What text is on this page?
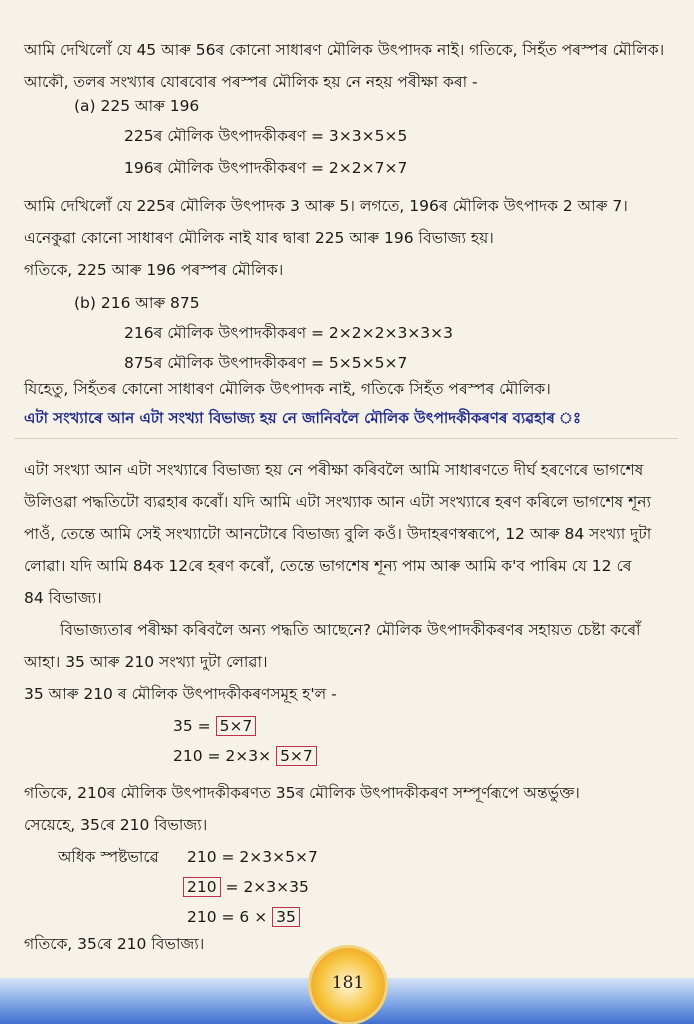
আমি দেখিলোঁ যে 45 আৰু 56ৰ কোনো সাধাৰণ মৌলিক উৎপাদক নাই। গতিকে, সিহঁত পৰস্পৰ মৌলিক।
আকৌ, তলৰ সংখ্যাৰ যোৰবোৰ পৰস্পৰ মৌলিক হয় নে নহয় পৰীক্ষা কৰা -
(a) 225 আৰু 196
225ৰ মৌলিক উৎপাদকীকৰণ = 3×3×5×5
196ৰ মৌলিক উৎপাদকীকৰণ = 2×2×7×7
আমি দেখিলোঁ যে 225ৰ মৌলিক উৎপাদক 3 আৰু 5। লগতে, 196ৰ মৌলিক উৎপাদক 2 আৰু 7।
এনেকুৱা কোনো সাধাৰণ মৌলিক নাই যাৰ দ্বাৰা 225 আৰু 196 বিভাজ্য হয়।
গতিকে, 225 আৰু 196 পৰস্পৰ মৌলিক।
(b) 216 আৰু 875
216ৰ মৌলিক উৎপাদকীকৰণ = 2×2×2×3×3×3
875ৰ মৌলিক উৎপাদকীকৰণ = 5×5×5×7
যিহেতু, সিহঁতৰ কোনো সাধাৰণ মৌলিক উৎপাদক নাই, গতিকে সিহঁত পৰস্পৰ মৌলিক।
এটা সংখ্যাৰে আন এটা সংখ্যা বিভাজ্য হয় নে জানিবলৈ মৌলিক উৎপাদকীকৰণৰ ব্যৱহাৰ ঃ
এটা সংখ্যা আন এটা সংখ্যাৰে বিভাজ্য হয় নে পৰীক্ষা কৰিবলৈ আমি সাধাৰণতে দীৰ্ঘ হৰণেৰে ভাগশেষ
উলিওৱা পদ্ধতিটো ব্যৱহাৰ কৰোঁ। যদি আমি এটা সংখ্যাক আন এটা সংখ্যাৰে হৰণ কৰিলে ভাগশেষ শূন্য
পাওঁ, তেন্তে আমি সেই সংখ্যাটো আনটোৰে বিভাজ্য বুলি কওঁ। উদাহৰণস্বৰূপে, 12 আৰু 84 সংখ্যা দুটা
লোৱা। যদি আমি 84ক 12ৰে হৰণ কৰোঁ, তেন্তে ভাগশেষ শূন্য পাম আৰু আমি ক'ব পাৰিম যে 12 ৰে
84 বিভাজ্য।
বিভাজ্যতাৰ পৰীক্ষা কৰিবলৈ অন্য পদ্ধতি আছেনে? মৌলিক উৎপাদকীকৰণৰ সহায়ত চেষ্টা কৰোঁ
আহা। 35 আৰু 210 সংখ্যা দুটা লোৱা।
35 আৰু 210 ৰ মৌলিক উৎপাদকীকৰণসমূহ হ'ল -
35 = 5×7
210 = 2×3× 5×7
গতিকে, 210ৰ মৌলিক উৎপাদকীকৰণত 35ৰ মৌলিক উৎপাদকীকৰণ সম্পূৰ্ণৰূপে অন্তৰ্ভুক্ত।
সেয়েহে, 35ৰে 210 বিভাজ্য।
অধিক স্পষ্টভাৱে 210 = 2×3×5×7
210 = 2×3×35
210 = 6 × 35
গতিকে, 35ৰে 210 বিভাজ্য।
181
